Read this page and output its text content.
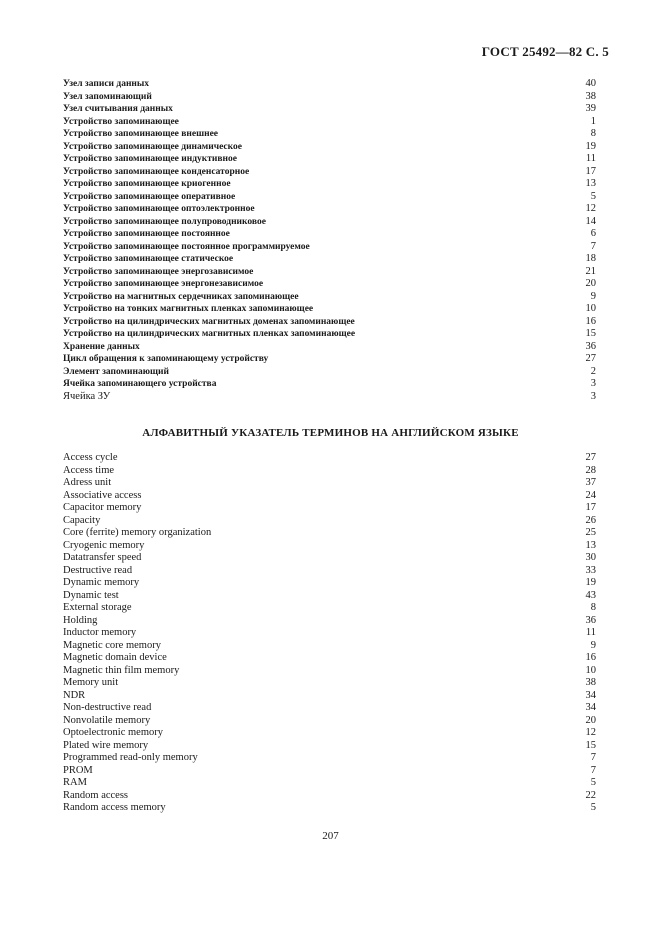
ГОСТ 25492—82 С. 5
Узел записи данных	40
Узел запоминающий	38
Узел считывания данных	39
Устройство запоминающее	1
Устройство запоминающее внешнее	8
Устройство запоминающее динамическое	19
Устройство запоминающее индуктивное	11
Устройство запоминающее конденсаторное	17
Устройство запоминающее криогенное	13
Устройство запоминающее оперативное	5
Устройство запоминающее оптоэлектронное	12
Устройство запоминающее полупроводниковое	14
Устройство запоминающее постоянное	6
Устройство запоминающее постоянное программируемое	7
Устройство запоминающее статическое	18
Устройство запоминающее энергозависимое	21
Устройство запоминающее энергонезависимое	20
Устройство на магнитных сердечниках запоминающее	9
Устройство на тонких магнитных пленках запоминающее	10
Устройство на цилиндрических магнитных доменах запоминающее	16
Устройство на цилиндрических магнитных пленках запоминающее	15
Хранение данных	36
Цикл обращения к запоминающему устройству	27
Элемент запоминающий	2
Ячейка запоминающего устройства	3
Ячейка ЗУ	3
АЛФАВИТНЫЙ УКАЗАТЕЛЬ ТЕРМИНОВ НА АНГЛИЙСКОМ ЯЗЫКЕ
Access cycle	27
Access time	28
Adress unit	37
Associative access	24
Capacitor memory	17
Capacity	26
Core (ferrite) memory organization	25
Cryogenic memory	13
Datatransfer speed	30
Destructive read	33
Dynamic memory	19
Dynamic test	43
External storage	8
Holding	36
Inductor memory	11
Magnetic core memory	9
Magnetic domain device	16
Magnetic thin film memory	10
Memory unit	38
NDR	34
Non-destructive read	34
Nonvolatile memory	20
Optoelectronic memory	12
Plated wire memory	15
Programmed read-only memory	7
PROM	7
RAM	5
Random access	22
Random access memory	5
207
